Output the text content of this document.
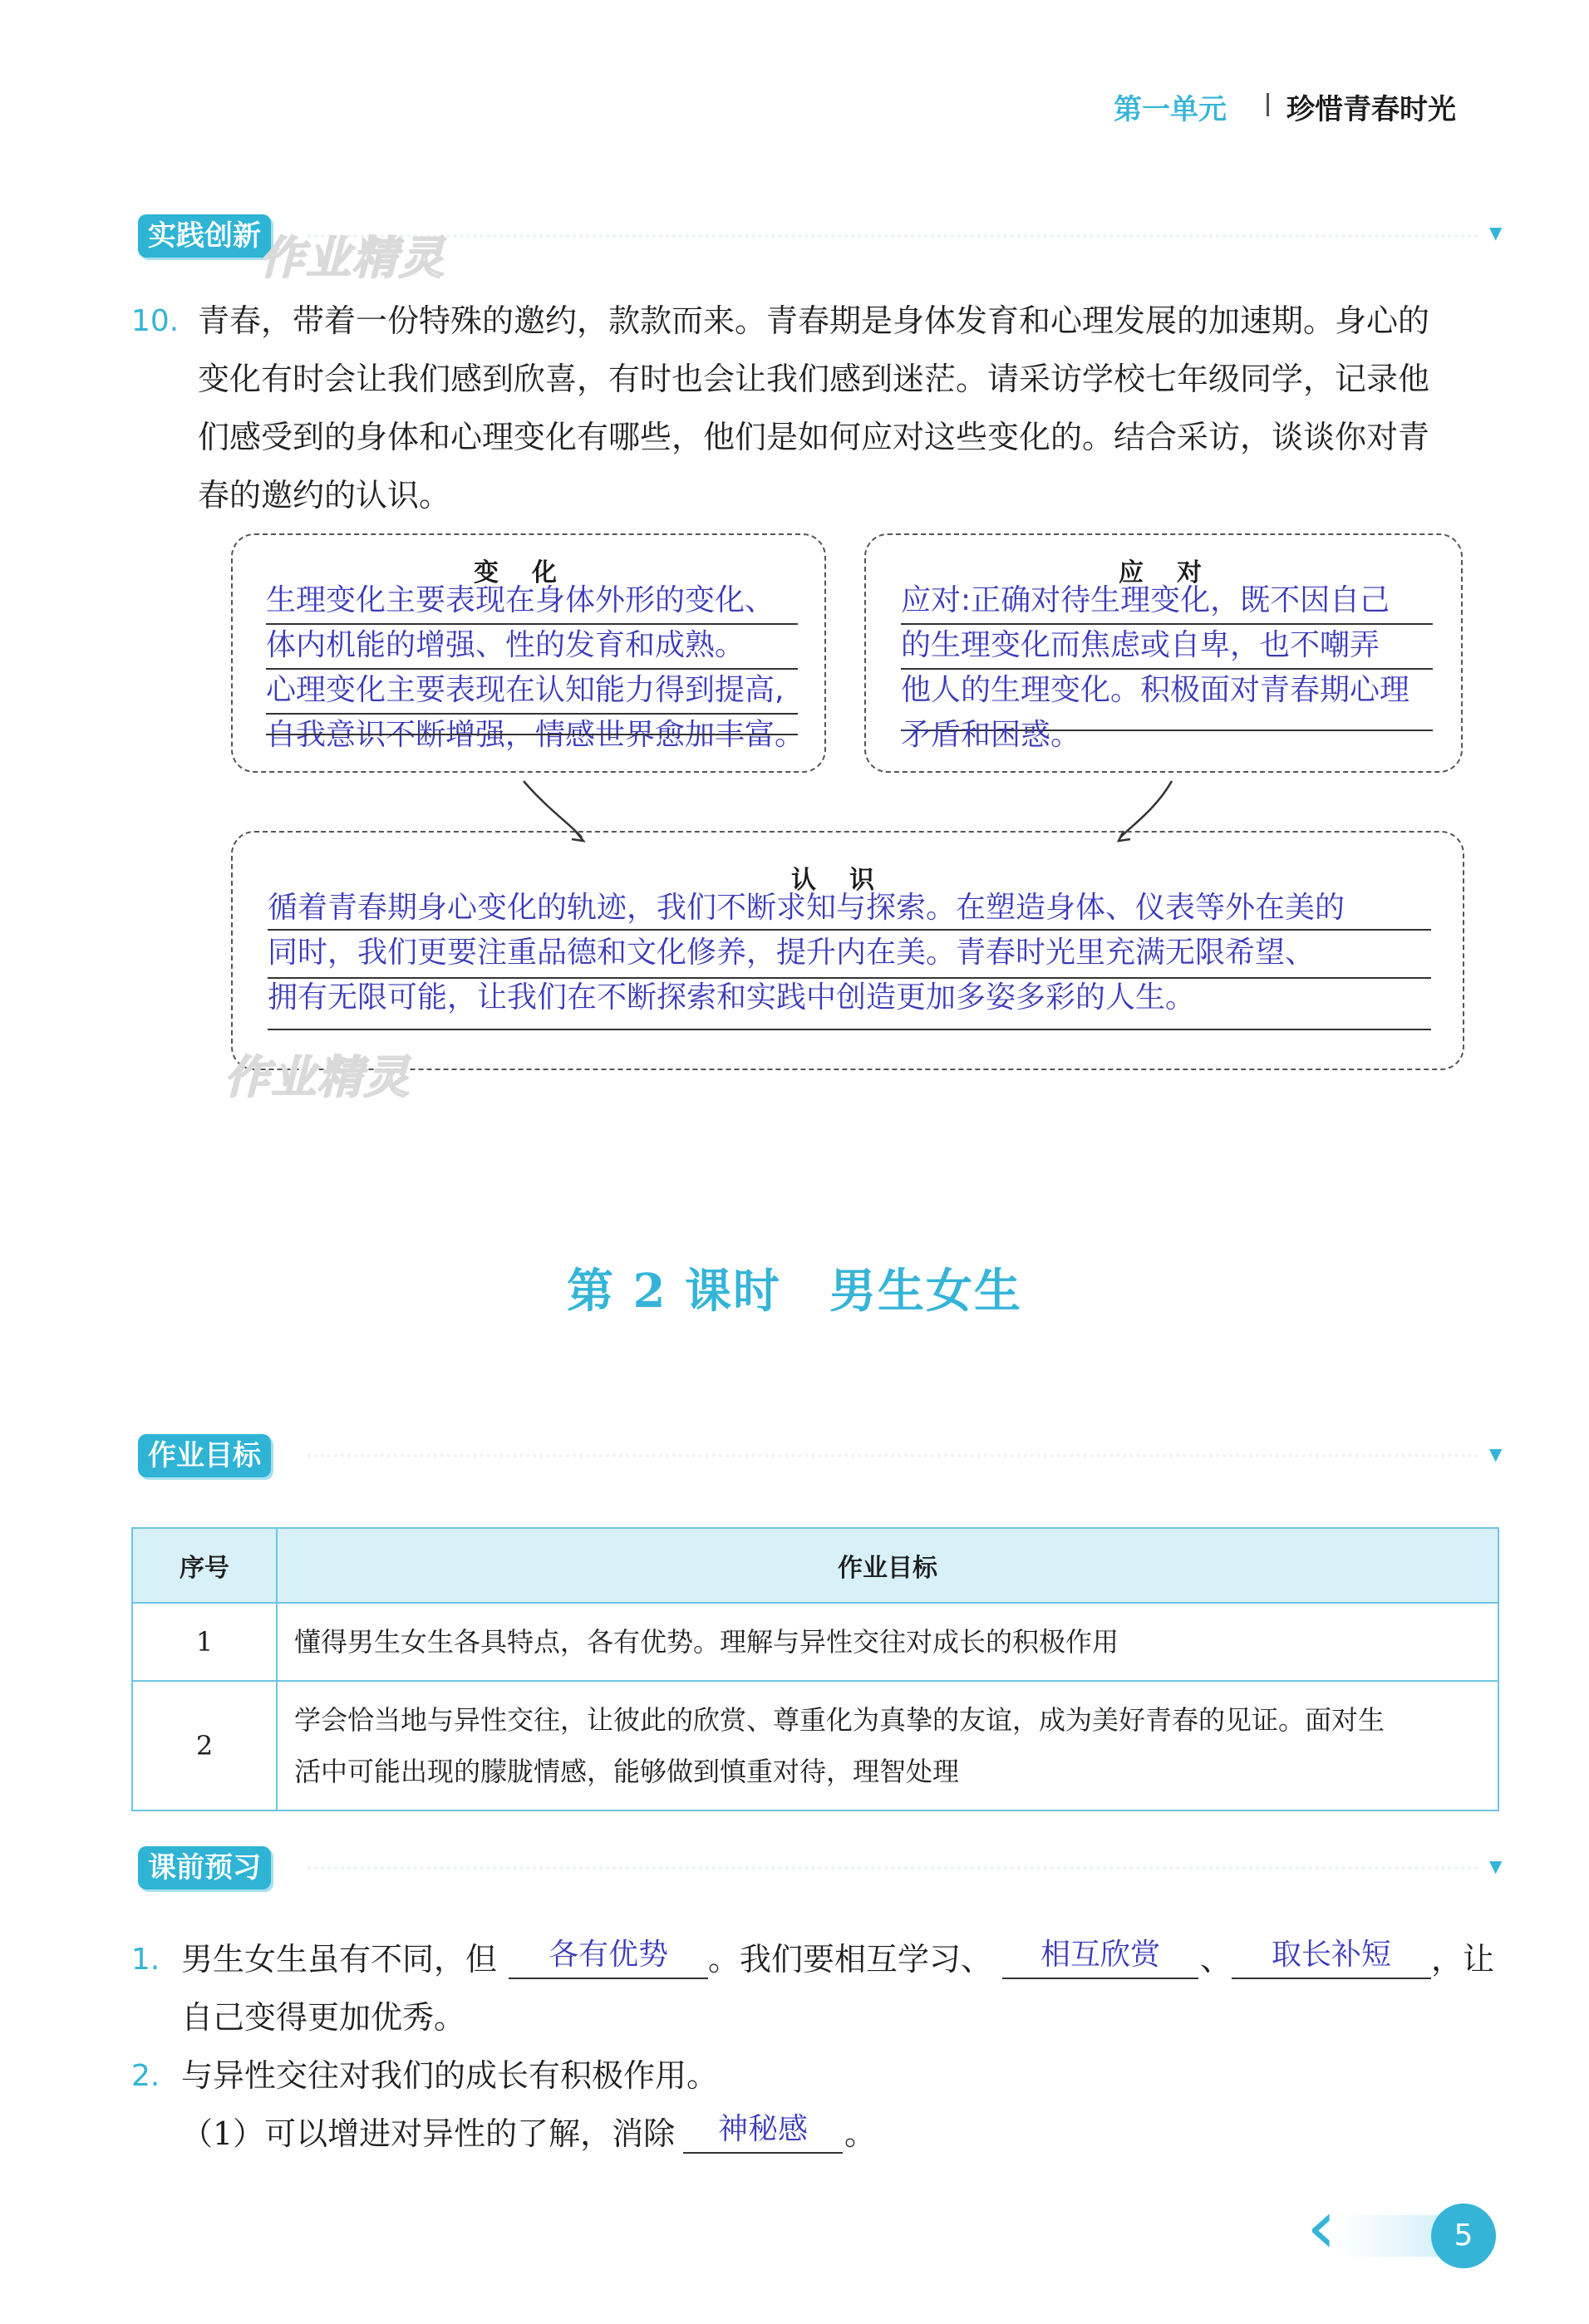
第一单元 珍惜青春时光
实践创新	▼
作业精灵
10. 青春，带着一份特殊的邀约，款款而来。青春期是身体发育和心理发展的加速期。身心的
变化有时会让我们感到欣喜，有时也会让我们感到迷茫。请采访学校七年级同学，记录他
们感受到的身体和心理变化有哪些，他们是如何应对这些变化的。结合采访，谈谈你对青
春的邀约的认识。
变化
生理变化主要表现在身体外形的变化、
体内机能的增强、性的发育和成熟。
心理变化主要表现在认知能力得到提高,
自我意识不断增强，情感世界愈加丰富。
应对
应对:正确对待生理变化，既不因自己
的生理变化而焦虑或自卑，也不嘲弄
他人的生理变化。积极面对青春期心理
矛盾和困惑。
认识
循着青春期身心变化的轨迹，我们不断求知与探索。在塑造身体、仪表等外在美的
同时，我们更要注重品德和文化修养，提升内在美。青春时光里充满无限希望、
拥有无限可能，让我们在不断探索和实践中创造更加多姿多彩的人生。
作业精灵
第 2 课时　男生女生
作业目标	▼
序号	作业目标
1	懂得男生女生各具特点，各有优势。理解与异性交往对成长的积极作用
2	学会恰当地与异性交往，让彼此的欣赏、尊重化为真挚的友谊，成为美好青春的见证。面对生
活中可能出现的朦胧情感，能够做到慎重对待，理智处理
课前预习	▼
1. 男生女生虽有不同，但	各有优势	。我们要相互学习、	相互欣赏	、	取长补短	，让
自己变得更加优秀。
2. 与异性交往对我们的成长有积极作用。
（1）可以增进对异性的了解，消除	神秘感	。
‹	5
